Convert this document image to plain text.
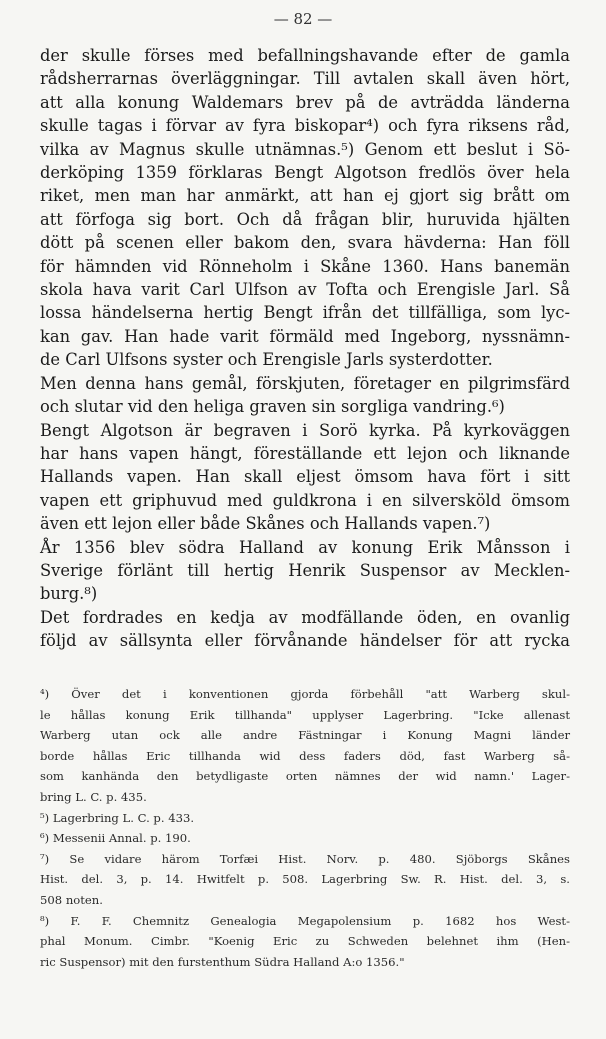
— 82 —
der skulle förses med befallningshavande efter de gamla
rådsherrarnas överläggningar. Till avtalen skall även hört,
att alla konung Waldemars brev på de avträdda länderna
skulle tagas i förvar av fyra biskopar⁴) och fyra riksens råd,
vilka av Magnus skulle utnämnas.⁵) Genom ett beslut i Sö-
derköping 1359 förklaras Bengt Algotson fredlös över hela
riket, men man har anmärkt, att han ej gjort sig brått om
att förfoga sig bort. Och då frågan blir, huruvida hjälten
dött på scenen eller bakom den, svara hävderna: Han föll
för hämnden vid Rönneholm i Skåne 1360. Hans banemän
skola hava varit Carl Ulfson av Tofta och Erengisle Jarl. Så
lossa händelserna hertig Bengt ifrån det tillfälliga, som lyc-
kan gav. Han hade varit förmäld med Ingeborg, nyssnämn-
de Carl Ulfsons syster och Erengisle Jarls systerdotter.
Men denna hans gemål, förskjuten, företager en pilgrimsfärd
och slutar vid den heliga graven sin sorgliga vandring.⁶)
Bengt Algotson är begraven i Sorö kyrka. På kyrkoväggen
har hans vapen hängt, föreställande ett lejon och liknande
Hallands vapen. Han skall eljest ömsom hava fört i sitt
vapen ett griphuvud med guldkrona i en silversköld ömsom
även ett lejon eller både Skånes och Hallands vapen.⁷)
År 1356 blev södra Halland av konung Erik Månsson i
Sverige förlänt till hertig Henrik Suspensor av Mecklen-
burg.⁸)
Det fordrades en kedja av modfällande öden, en ovanlig
följd av sällsynta eller förvånande händelser för att rycka
⁴) Över det i konventionen gjorda förbehåll "att Warberg skul-
le hållas konung Erik tillhanda" upplyser Lagerbring. "Icke allenast
Warberg utan ock alle andre Fästningar i Konung Magni länder
borde hållas Eric tillhanda wid dess faders död, fast Warberg så-
som kanhända den betydligaste orten nämnes der wid namn.' Lager-
bring L. C. p. 435.
⁵) Lagerbring L. C. p. 433.
⁶) Messenii Annal. p. 190.
⁷) Se vidare härom Torfæi Hist. Norv. p. 480. Sjöborgs Skånes
Hist. del. 3, p. 14. Hwitfelt p. 508. Lagerbring Sw. R. Hist. del. 3, s.
508 noten.
⁸) F. F. Chemnitz Genealogia Megapolensium p. 1682 hos West-
phal Monum. Cimbr. "Koenig Eric zu Schweden belehnet ihm (Hen-
ric Suspensor) mit den furstenthum Südra Halland A:o 1356."
